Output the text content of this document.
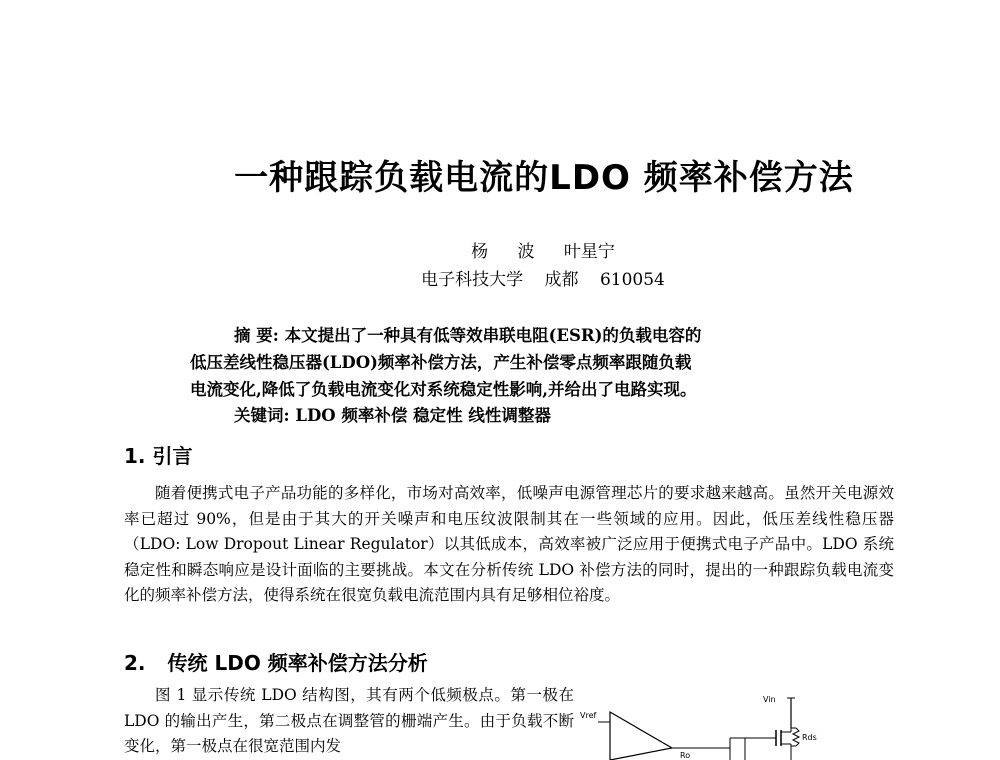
一种跟踪负载电流的LDO 频率补偿方法
杨 波 叶星宁
电子科技大学 成都 610054
摘 要: 本文提出了一种具有低等效串联电阻(ESR)的负载电容的
低压差线性稳压器(LDO)频率补偿方法，产生补偿零点频率跟随负载
电流变化,降低了负载电流变化对系统稳定性影响,并给出了电路实现。
关键词: LDO 频率补偿 稳定性 线性调整器
1. 引言
随着便携式电子产品功能的多样化，市场对高效率，低噪声电源管理芯片的要求越来越高。虽然开关电源效率已超过 90%，但是由于其大的开关噪声和电压纹波限制其在一些领域的应用。因此，低压差线性稳压器（LDO: Low Dropout Linear Regulator）以其低成本，高效率被广泛应用于便携式电子产品中。LDO 系统稳定性和瞬态响应是设计面临的主要挑战。本文在分析传统 LDO 补偿方法的同时，提出的一种跟踪负载电流变化的频率补偿方法，使得系统在很宽负载电流范围内具有足够相位裕度。
2. 传统 LDO 频率补偿方法分析
图 1 显示传统 LDO 结构图，其有两个低频极点。第一极在 LDO 的输出产生，第二极点在调整管的栅端产生。由于负载不断变化，第一极点在很宽范围内发
Vin
Vref
Ro
Rds
